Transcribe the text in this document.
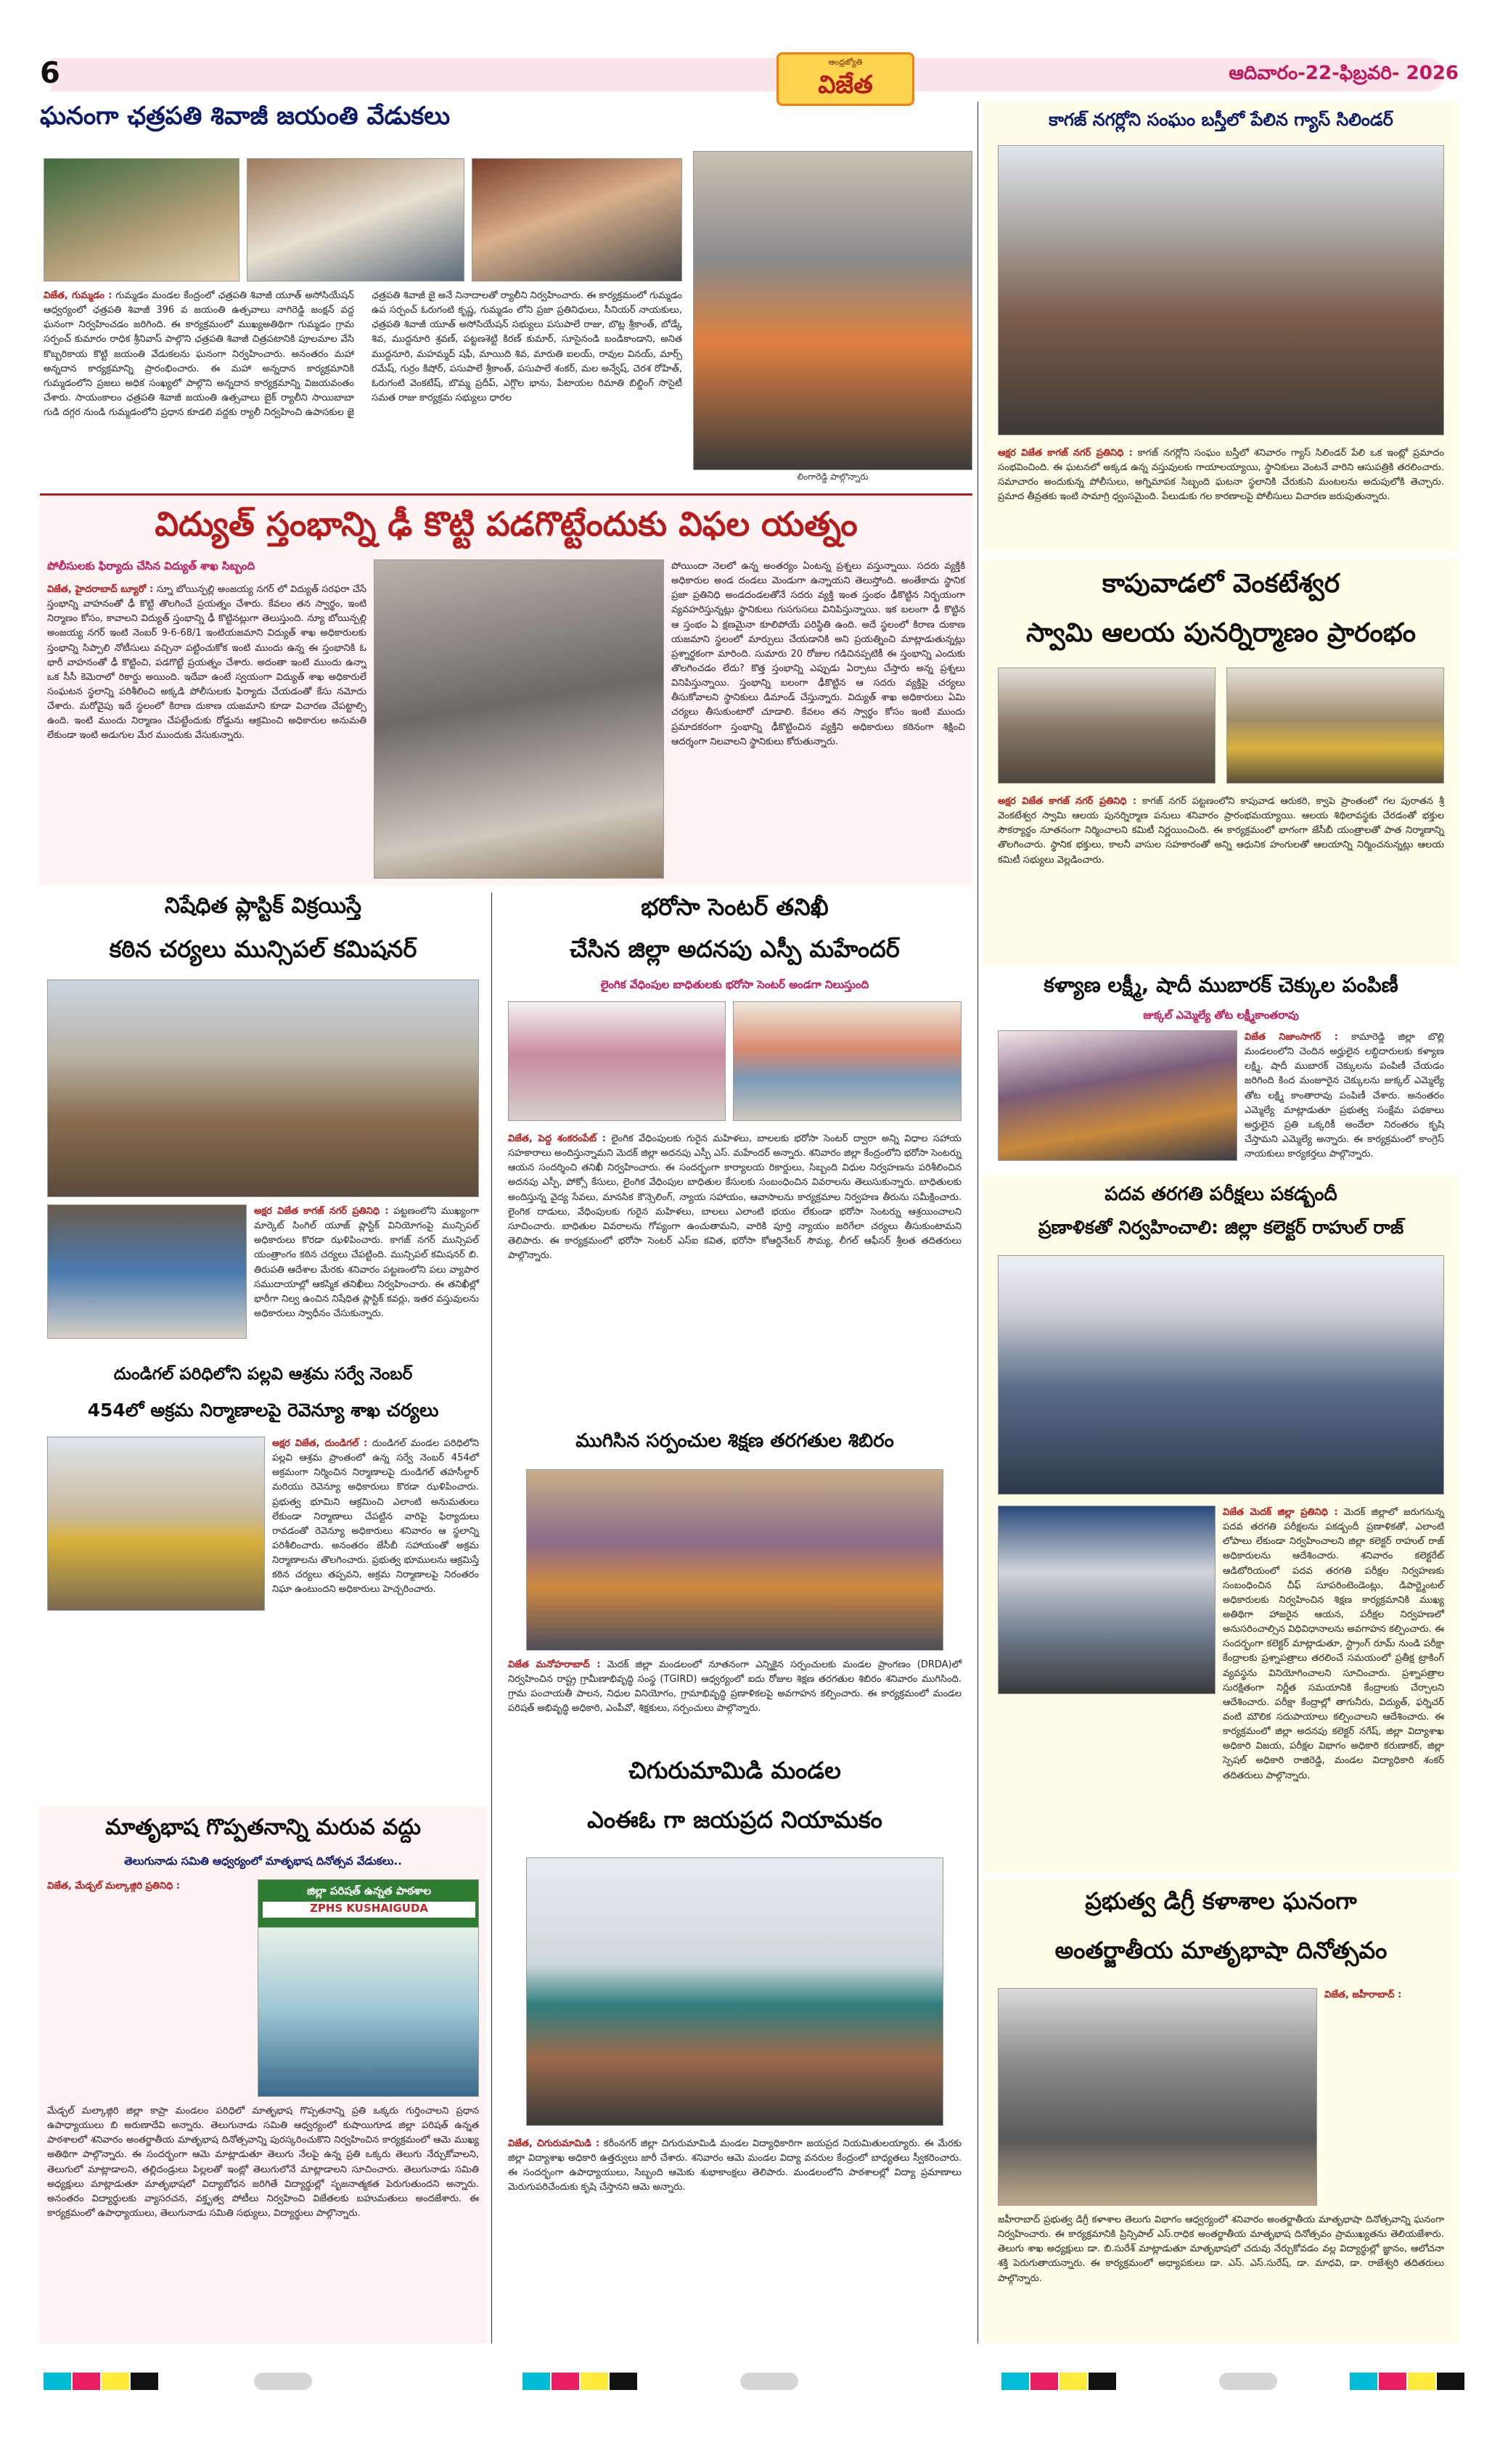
6	ఆంధ్రజ్యోతి
విజేత	ఆదివారం-22-ఫిబ్రవరి- 2026
ఘనంగా ఛత్రపతి శివాజీ జయంతి వేడుకలు
విజేత, గుమ్మడం : గుమ్మడం మండల కేంద్రంలో ఛత్రపతి శివాజీ యూత్ అసోసియేషన్ ఆధ్వర్యంలో ఛత్రపతి శివాజీ 396 వ జయంతి ఉత్సవాలు నాగిరెడ్డి జంక్షన్ వద్ద ఘనంగా నిర్వహించడం జరిగింది. ఈ కార్యక్రమంలో ముఖ్యఅతిథిగా గుమ్మడం గ్రామ సర్పంచ్ కుమారం రాధిక శ్రీనివాస్ పాల్గొని ఛత్రపతి శివాజీ చిత్రపటానికి పూలమాల వేసి కొబ్బరికాయ కొట్టి జయంతి వేడుకలను ఘనంగా నిర్వహించారు. అనంతరం మహా అన్నదాన కార్యక్రమాన్ని ప్రారంభించారు. ఈ మహా అన్నదాన కార్యక్రమానికి గుమ్మడంలోని ప్రజలు అధిక సంఖ్యలో పాల్గొని అన్నదాన కార్యక్రమాన్ని విజయవంతం చేశారు. సాయంకాలం ఛత్రపతి శివాజీ జయంతి ఉత్సవాలు బైక్ ర్యాలీని సాయిబాబా గుడి దగ్గర నుండి గుమ్మడంలోని ప్రధాన కూడలి వద్దకు ర్యాలీ నిర్వహించి ఉపాసకుల జై ఛత్రపతి శివాజీ జై అనే నినాదాలతో ర్యాలీని నిర్వహించారు. ఈ కార్యక్రమంలో గుమ్మడం ఉప సర్పంచ్ ఓరుగంటి కృష్ణ, గుమ్మడం లోని ప్రజా ప్రతినిధులు, సీనియర్ నాయకులు, ఛత్రపతి శివాజీ యూత్ అసోసియేషన్ సభ్యులు పసుపాలే రాజు, బొట్ల శ్రీకాంత్, బోడ్కే శివ, ముద్దనూరి శ్రవణ్, పట్టణశెట్టి కిరణ్ కుమార్, సూసైనండి బండికాండాని, అనిత ముద్దనూరి, మహమ్మద్ షఫీ, మాయిది శివ, మారుతి ఐలయ్, రావుల వినయ్, మార్స్ రమేష్, గుర్రం కిషోర్, పసుపాలే శ్రీకాంత్, పసుపాలే శంకర్, మల అన్వేష్, చెరశ రోహిత్, ఓరుగంటి వెంకటేష్, బొమ్మ ప్రదీప్, ఎగ్గొల భాను, పేటాయల రిమాతి బిల్డింగ్ సొసైటీ సమత రాజు కార్యక్రమ సభ్యులు ధారల
లింగారెడ్డి పాల్గొన్నారు
విద్యుత్ స్తంభాన్ని ఢీ కొట్టి పడగొట్టేందుకు విఫల యత్నం
పోలీసులకు ఫిర్యాదు చేసిన విద్యుత్ శాఖ సిబ్బంది
విజేత, హైదరాబాద్ బ్యూరో : స్నూ బోయిన్పల్లి అంజయ్య నగర్ లో విద్యుత్ సరఫరా చేసే స్తంభాన్ని వాహనంతో ఢీ కొట్టి తొలగించే ప్రయత్నం చేశారు. కేవలం తన స్వార్థం, ఇంటి నిర్మాణం కోసం, కావాలని విద్యుత్ స్తంభాన్ని ఢీ కొట్టినట్లుగా తెలుస్తుంది. న్యూ బోయిన్పల్లి అంజయ్య నగర్ ఇంటి నెంబర్ 9-6-68/1 ఇంటియజమాని విద్యుత్ శాఖ అధికారులకు స్తంభాన్ని సిప్పాలి నోటీసులు వచ్చినా పట్టించుకోక ఇంటి ముందు ఉన్న ఈ స్తంభానికి ఓ భారీ వాహనంతో ఢీ కొట్టించి, పడగొట్టే ప్రయత్నం చేశారు. అదంతా ఇంటి ముందు ఉన్నా ఒక సీసీ కెమెరాలో రికార్డు అయింది. ఇదేవా ఉంటే స్వయంగా విద్యుత్ శాఖ అధికారులే సంఘటన స్థలాన్ని పరిశీలించి అక్కడి పోలీసులకు ఫిర్యాదు చేయడంతో కేసు నమోదు చేశారు. మరోవైపు ఇదే స్థలంలో కిరాణ దుకాణ యజమాని కూడా విచారణ చేపట్టాల్సి ఉంది. ఇంటి ముందు నిర్మాణం చేపట్టేందుకు రోడ్డును ఆక్రమించి అధికారుల అనుమతి లేకుండా ఇంటి అడుగుల మేర ముందుకు వేసుకున్నారు.
పోయిందా నెలలో ఉన్న అంతర్యం ఏంటన్న ప్రశ్నలు వస్తున్నాయి. సదరు వ్యక్తికి అధికారుల అండ దండలు మెండుగా ఉన్నాయని తెలుస్తోంది. అంతేకాదు స్థానిక ప్రజా ప్రతినిధి అండదండలతోనే సదరు వ్యక్తి ఇంత స్తంభం ఢీకొట్టిన నిర్భయంగా వ్యవహరిస్తున్నట్లు స్థానికులు గుసగుసలు వినిపిస్తున్నాయి. ఇక బలంగా ఢీ కొట్టిన ఆ స్తంభం ఏ క్షణమైనా కూలిపోయే పరిస్థితి ఉంది. అదే స్థలంలో కిరాణ దుకాణ యజమాని స్థలంలో మార్పులు చేయడానికి అని ప్రయత్నించి మాట్లాడుతున్నట్లు ప్రశ్నార్థకంగా మారింది. సుమారు 20 రోజుల గడిచినప్పటికీ ఈ స్తంభాన్ని ఎందుకు తొలగించడం లేదు? కొత్త స్తంభాన్ని ఎప్పుడు ఏర్పాటు చేస్తారు అన్న ప్రశ్నలు వినిపిస్తున్నాయి. స్తంభాన్ని బలంగా ఢీకొట్టిన ఆ సదరు వ్యక్తిపై చర్యలు తీసుకోవాలని స్థానికులు డిమాండ్ చేస్తున్నారు. విద్యుత్ శాఖ అధికారులు ఏమి చర్యలు తీసుకుంటారో చూడాలి. కేవలం తన స్వార్థం కోసం ఇంటి ముందు ప్రమాదకరంగా స్తంభాన్ని ఢీకొట్టించిన వ్యక్తిని అధికారులు కఠినంగా శిక్షించి ఆదర్శంగా నిలవాలని స్థానికులు కోరుతున్నారు.
కాగజ్ నగర్లోని సంఘం బస్తీలో పేలిన గ్యాస్ సిలిండర్
ఆక్షర విజేత కాగజ్ నగర్ ప్రతినిధి : కాగజ్ నగర్లోని సంఘం బస్తీలో శనివారం గ్యాస్ సిలిండర్ పేలి ఒక ఇంట్లో ప్రమాదం సంభవించింది. ఈ ఘటనలో అక్కడ ఉన్న వస్తువులకు గాయాలయ్యాయి, స్థానికులు వెంటనే వారిని ఆసుపత్రికి తరలించారు. సమాచారం అందుకున్న పోలీసులు, అగ్నిమాపక సిబ్బంది ఘటనా స్థలానికి చేరుకుని మంటలను అదుపులోకి తెచ్చారు. ప్రమాద తీవ్రతకు ఇంటి సామాగ్రి ధ్వంసమైంది. పేలుడుకు గల కారణాలపై పోలీసులు విచారణ జరుపుతున్నారు.
కాపువాడలో వెంకటేశ్వర
స్వామి ఆలయ పునర్నిర్మాణం ప్రారంభం
అక్షర విజేత కాగజ్ నగర్ ప్రతినిధి : కాగజ్ నగర్ పట్టణంలోని కాపువాడ ఆరుకరి, క్వాపె ప్రాంతంలో గల పురాతన శ్రీ వెంకటేశ్వర స్వామి ఆలయ పునర్నిర్మాణ పనులు శనివారం ప్రారంభమయ్యాయి. ఆలయ శిథిలావస్థకు చేరడంతో భక్తుల సౌకర్యార్థం నూతనంగా నిర్మించాలని కమిటీ నిర్ణయించింది. ఈ కార్యక్రమంలో భాగంగా జేసీబీ యంత్రాలతో పాత నిర్మాణాన్ని తొలగించారు. స్థానిక భక్తులు, కాలనీ వాసుల సహకారంతో అన్ని ఆధునిక హంగులతో ఆలయాన్ని నిర్మించనున్నట్లు ఆలయ కమిటీ సభ్యులు వెల్లడించారు.
కళ్యాణ లక్ష్మీ, షాదీ ముబారక్ చెక్కుల పంపిణీ
జుక్కల్ ఎమ్మెల్యే తోట లక్ష్మీకాంతరావు
విజేత నిజాంసాగర్ : కామారెడ్డి జిల్లా బొల్లి మండలంలోని చెందిన అర్హులైన లబ్ధిదారులకు కళ్యాణ లక్ష్మి, షాదీ ముబారక్ చెక్కులను పంపిణీ చేయడం జరిగింది కింద మంజూరైన చెక్కులను జుక్కల్ ఎమ్మెల్యే తోట లక్ష్మి కాంతారావు పంపిణీ చేశారు. అనంతరం ఎమ్మెల్యే మాట్లాడుతూ ప్రభుత్వ సంక్షేమ పథకాలు అర్హులైన ప్రతి ఒక్కరికీ అందేలా నిరంతరం కృషి చేస్తామని ఎమ్మెల్యే అన్నారు. ఈ కార్యక్రమంలో కాంగ్రెస్ నాయకులు కార్యకర్తలు పాల్గొన్నారు.
పదవ తరగతి పరీక్షలు పకడ్బందీ
ప్రణాళికతో నిర్వహించాలి: జిల్లా కలెక్టర్ రాహుల్ రాజ్
విజేత మెదక్ జిల్లా ప్రతినిధి : మెదక్ జిల్లాలో జరుగనున్న పదవ తరగతి పరీక్షలను పకడ్బందీ ప్రణాళికతో, ఎలాంటి లోపాలు లేకుండా నిర్వహించాలని జిల్లా కలెక్టర్ రాహుల్ రాజ్ అధికారులను ఆదేశించారు. శనివారం కలెక్టరేట్ ఆడిటోరియంలో పదవ తరగతి పరీక్షల నిర్వహణకు సంబంధించిన చీఫ్ సూపరింటెండెంట్లు, డిపార్ట్మెంటల్ అధికారులకు నిర్వహించిన శిక్షణ కార్యక్రమానికి ముఖ్య అతిథిగా హాజరైన ఆయన, పరీక్షల నిర్వహణలో అనుసరించాల్సిన విధివిధానాలను అవగాహన కల్పించారు. ఈ సందర్భంగా కలెక్టర్ మాట్లాడుతూ, స్ట్రాంగ్ రూమ్ నుండి పరీక్షా కేంద్రాలకు ప్రశ్నాపత్రాలు తరలించే సమయంలో ప్రతీక్ష ట్రాకింగ్ వ్యవస్థను వినియోగించాలని సూచించారు. ప్రశ్నాపత్రాల సురక్షితంగా నిర్ణీత సమయానికి కేంద్రాలకు చేర్చాలని ఆదేశించారు. పరీక్షా కేంద్రాల్లో తాగునీరు, విద్యుత్, ఫర్నిచర్ వంటి మౌలిక సదుపాయాలు కల్పించాలని ఆదేశించారు. ఈ కార్యక్రమంలో జిల్లా అదనపు కలెక్టర్ నగేష్, జిల్లా విద్యాశాఖ అధికారి విజయ, పరీక్షల విభాగం అధికారి కరుణాకర్, జిల్లా స్పెషల్ అధికారి రాజిరెడ్డి, మండల విద్యాధికారి శంకర్ తదితరులు పాల్గొన్నారు.
ప్రభుత్వ డిగ్రీ కళాశాల ఘనంగా
అంతర్జాతీయ మాతృభాషా దినోత్సవం
విజేత, జహీరాబాద్ :
జహీరాబాద్ ప్రభుత్వ డిగ్రీ కళాశాల తెలుగు విభాగం ఆధ్వర్యంలో శనివారం అంతర్జాతీయ మాతృభాషా దినోత్సవాన్ని ఘనంగా నిర్వహించారు. ఈ కార్యక్రమానికి ప్రిన్సిపాల్ ఎస్.రాధిక అంతర్జాతీయ మాతృభాష దినోత్సవం ప్రాముఖ్యతను తెలియజేశారు. తెలుగు శాఖ అధ్యక్షులు డా. బి.సురేశ్ మాట్లాడుతూ మాతృభాషలో చదువు నేర్చుకోవడం వల్ల విద్యార్థుల్లో జ్ఞానం, ఆలోచనా శక్తి పెరుగుతాయన్నారు. ఈ కార్యక్రమంలో అధ్యాపకులు డా. ఎస్. ఎస్.సురేష్, డా. మాధవి, డా. రాజేశ్వరి తదితరులు పాల్గొన్నారు.
నిషేధిత ప్లాస్టిక్ విక్రయిస్తే
కఠిన చర్యలు మున్సిపల్ కమిషనర్
అక్షర విజేత కాగజ్ నగర్ ప్రతినిధి : పట్టణంలోని ముఖ్యంగా మార్కెట్ సింగిల్ యూజ్ ప్లాస్టిక్ వినియోగంపై మున్సిపల్ అధికారులు కొరడా ఝళిపించారు. కాగజ్ నగర్ మున్సిపల్ యంత్రాంగం కఠిన చర్యలు చేపట్టింది. మున్సిపల్ కమిషనర్ బి. తిరుపతి ఆదేశాల మేరకు శనివారం పట్టణంలోని పలు వ్యాపార సముదాయాల్లో ఆకస్మిక తనిఖీలు నిర్వహించారు. ఈ తనిఖీల్లో భారీగా నిల్వ ఉంచిన నిషేధిత ప్లాస్టిక్ కవర్లు, ఇతర వస్తువులను అధికారులు స్వాధీనం చేసుకున్నారు.
దుండిగల్ పరిధిలోని పల్లవి ఆశ్రమ సర్వే నెంబర్
454లో అక్రమ నిర్మాణాలపై రెవెన్యూ శాఖ చర్యలు
అక్షర విజేత, దుండిగల్ : దుండిగల్ మండల పరిధిలోని పల్లవి ఆశ్రమ ప్రాంతంలో ఉన్న సర్వే నెంబర్ 454లో అక్రమంగా నిర్మించిన నిర్మాణాలపై దుండిగల్ తహసీల్దార్ మరియు రెవెన్యూ అధికారులు కొరడా ఝళిపించారు. ప్రభుత్వ భూమిని ఆక్రమించి ఎలాంటి అనుమతులు లేకుండా నిర్మాణాలు చేపట్టిన వారిపై ఫిర్యాదులు రావడంతో రెవెన్యూ అధికారులు శనివారం ఆ స్థలాన్ని పరిశీలించారు. అనంతరం జేసీబీ సహాయంతో అక్రమ నిర్మాణాలను తొలగించారు. ప్రభుత్వ భూములను ఆక్రమిస్తే కఠిన చర్యలు తప్పవని, అక్రమ నిర్మాణాలపై నిరంతరం నిఘా ఉంటుందని అధికారులు హెచ్చరించారు.
మాతృభాష గొప్పతనాన్ని మరువ వద్దు
తెలుగునాడు సమితి ఆధ్వర్యంలో మాతృభాష దినోత్సవ వేడుకలు..
విజేత, మేడ్చల్ మల్కాజ్గిరి ప్రతినిధి :	జిల్లా పరిషత్ ఉన్నత పాఠశాల
ZPHS KUSHAIGUDA
మేడ్చల్ మల్కాజ్గిరి జిల్లా కాప్రా మండలం పరిధిలో మాతృభాష గొప్పతనాన్ని ప్రతి ఒక్కరు గుర్తించాలని ప్రధాన ఉపాధ్యాయులు బి అరుణాదేవి అన్నారు. తెలుగునాడు సమితి ఆధ్వర్యంలో కుషాయిగూడ జిల్లా పరిషత్ ఉన్నత పాఠశాలలో శనివారం అంతర్జాతీయ మాతృభాష దినోత్సవాన్ని పురస్కరించుకొని నిర్వహించిన కార్యక్రమంలో ఆమె ముఖ్య అతిథిగా పాల్గొన్నారు. ఈ సందర్భంగా ఆమె మాట్లాడుతూ తెలుగు నేలపై ఉన్న ప్రతి ఒక్కరు తెలుగు నేర్చుకోవాలని, తెలుగులో మాట్లాడాలని, తల్లిదండ్రులు పిల్లలతో ఇంట్లో తెలుగులోనే మాట్లాడాలని సూచించారు. తెలుగునాడు సమితి అధ్యక్షులు మాట్లాడుతూ మాతృభాషలో విద్యాబోధన జరిగితే విద్యార్థుల్లో సృజనాత్మకత పెరుగుతుందని అన్నారు. అనంతరం విద్యార్థులకు వ్యాసరచన, వక్తృత్వ పోటీలు నిర్వహించి విజేతలకు బహుమతులు అందజేశారు. ఈ కార్యక్రమంలో ఉపాధ్యాయులు, తెలుగునాడు సమితి సభ్యులు, విద్యార్థులు పాల్గొన్నారు.
భరోసా సెంటర్ తనిఖీ
చేసిన జిల్లా అదనపు ఎస్పీ మహేందర్
లైంగిక వేధింపుల బాధితులకు భరోసా సెంటర్ అండగా నిలుస్తుంది
విజేత, పెద్ద శంకరంపేట్ : లైంగిక వేధింపులకు గురైన మహిళలు, బాలలకు భరోసా సెంటర్ ద్వారా అన్ని విధాల సహాయ సహకారాలు అందిస్తున్నామని మెదక్ జిల్లా అదనపు ఎస్పీ ఎస్. మహేందర్ అన్నారు. శనివారం జిల్లా కేంద్రంలోని భరోసా సెంటర్ను ఆయన సందర్శించి తనిఖీ నిర్వహించారు. ఈ సందర్భంగా కార్యాలయ రికార్డులు, సిబ్బంది విధుల నిర్వహణను పరిశీలించిన అదనపు ఎస్పీ, పోక్సో కేసులు, లైంగిక వేధింపుల బాధితుల కేసులకు సంబంధించిన వివరాలను తెలుసుకున్నారు. బాధితులకు అందిస్తున్న వైద్య సేవలు, మానసిక కౌన్సెలింగ్, న్యాయ సహాయం, ఆవాసాలను కార్యక్రమాల నిర్వహణ తీరును సమీక్షించారు. లైంగిక దాడులు, వేధింపులకు గురైన మహిళలు, బాలలు ఎలాంటి భయం లేకుండా భరోసా సెంటర్ను ఆశ్రయించాలని సూచించారు. బాధితుల వివరాలను గోప్యంగా ఉంచుతామని, వారికి పూర్తి న్యాయం జరిగేలా చర్యలు తీసుకుంటామని తెలిపారు. ఈ కార్యక్రమంలో భరోసా సెంటర్ ఎస్ఐ కవిత, భరోసా కోఆర్డినేటర్ సౌమ్య, లీగల్ ఆఫీసర్ శ్రీలత తదితరులు పాల్గొన్నారు.
ముగిసిన సర్పంచుల శిక్షణ తరగతుల శిబిరం
విజేత మనోహరాబాద్ : మెదక్ జిల్లా మండలంలో నూతనంగా ఎన్నికైన సర్పంచులకు మండల ప్రాంగణం (DRDA)లో నిర్వహించిన రాష్ట్ర గ్రామీణాభివృద్ధి సంస్థ (TGIRD) ఆధ్వర్యంలో ఐదు రోజుల శిక్షణ తరగతుల శిబిరం శనివారం ముగిసింది. గ్రామ పంచాయతీ పాలన, నిధుల వినియోగం, గ్రామాభివృద్ధి ప్రణాళికలపై అవగాహన కల్పించారు. ఈ కార్యక్రమంలో మండల పరిషత్ అభివృద్ధి అధికారి, ఎంపీవో, శిక్షకులు, సర్పంచులు పాల్గొన్నారు.
చిగురుమామిడి మండల
ఎంఈఓ గా జయప్రద నియామకం
విజేత, చిగురుమామిడి : కరీంనగర్ జిల్లా చిగురుమామిడి మండల విద్యాధికారిగా జయప్రద నియమితులయ్యారు. ఈ మేరకు జిల్లా విద్యాశాఖ అధికారి ఉత్తర్వులు జారీ చేశారు. శనివారం ఆమె మండల విద్యా వనరుల కేంద్రంలో బాధ్యతలు స్వీకరించారు. ఈ సందర్భంగా ఉపాధ్యాయులు, సిబ్బంది ఆమెకు శుభాకాంక్షలు తెలిపారు. మండలంలోని పాఠశాలల్లో విద్యా ప్రమాణాలు మెరుగుపరిచేందుకు కృషి చేస్తానని ఆమె అన్నారు.
